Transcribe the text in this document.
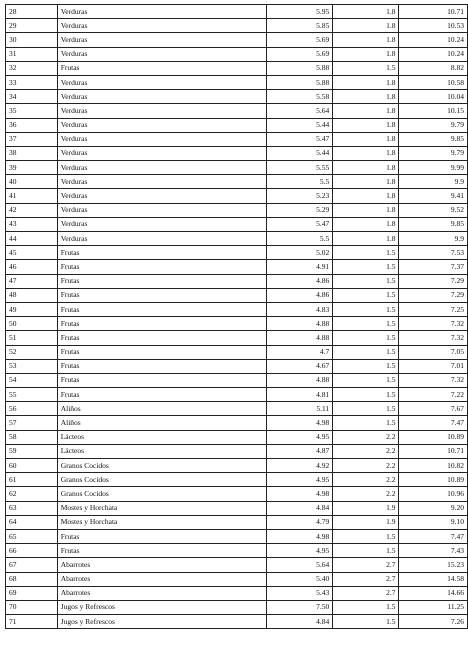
28	Verduras	5.95	1.8	10.71
29	Verduras	5.85	1.8	10.53
30	Verduras	5.69	1.8	10.24
31	Verduras	5.69	1.8	10.24
32	Frutas	5.88	1.5	8.82
33	Verduras	5.88	1.8	10.58
34	Verduras	5.58	1.8	10.04
35	Verduras	5.64	1.8	10.15
36	Verduras	5.44	1.8	9.79
37	Verduras	5.47	1.8	9.85
38	Verduras	5.44	1.8	9.79
39	Verduras	5.55	1.8	9.99
40	Verduras	5.5	1.8	9.9
41	Verduras	5.23	1.8	9.41
42	Verduras	5.29	1.8	9.52
43	Verduras	5.47	1.8	9.85
44	Verduras	5.5	1.8	9.9
45	Frutas	5.02	1.5	7.53
46	Frutas	4.91	1.5	7.37
47	Frutas	4.86	1.5	7.29
48	Frutas	4.86	1.5	7.29
49	Frutas	4.83	1.5	7.25
50	Frutas	4.88	1.5	7.32
51	Frutas	4.88	1.5	7.32
52	Frutas	4.7	1.5	7.05
53	Frutas	4.67	1.5	7.01
54	Frutas	4.88	1.5	7.32
55	Frutas	4.81	1.5	7.22
56	Aliños	5.11	1.5	7.67
57	Aliños	4.98	1.5	7.47
58	Lácteos	4.95	2.2	10.89
59	Lácteos	4.87	2.2	10.71
60	Granos Cocidos	4.92	2.2	10.82
61	Granos Cocidos	4.95	2.2	10.89
62	Granos Cocidos	4.98	2.2	10.96
63	Mostes y Horchata	4.84	1.9	9.20
64	Mostes y Horchata	4.79	1.9	9.10
65	Frutas	4.98	1.5	7.47
66	Frutas	4.95	1.5	7.43
67	Abarrotes	5.64	2.7	15.23
68	Abarrotes	5.40	2.7	14.58
69	Abarrotes	5.43	2.7	14.66
70	Jugos y Refrescos	7.50	1.5	11.25
71	Jugos y Refrescos	4.84	1.5	7.26
